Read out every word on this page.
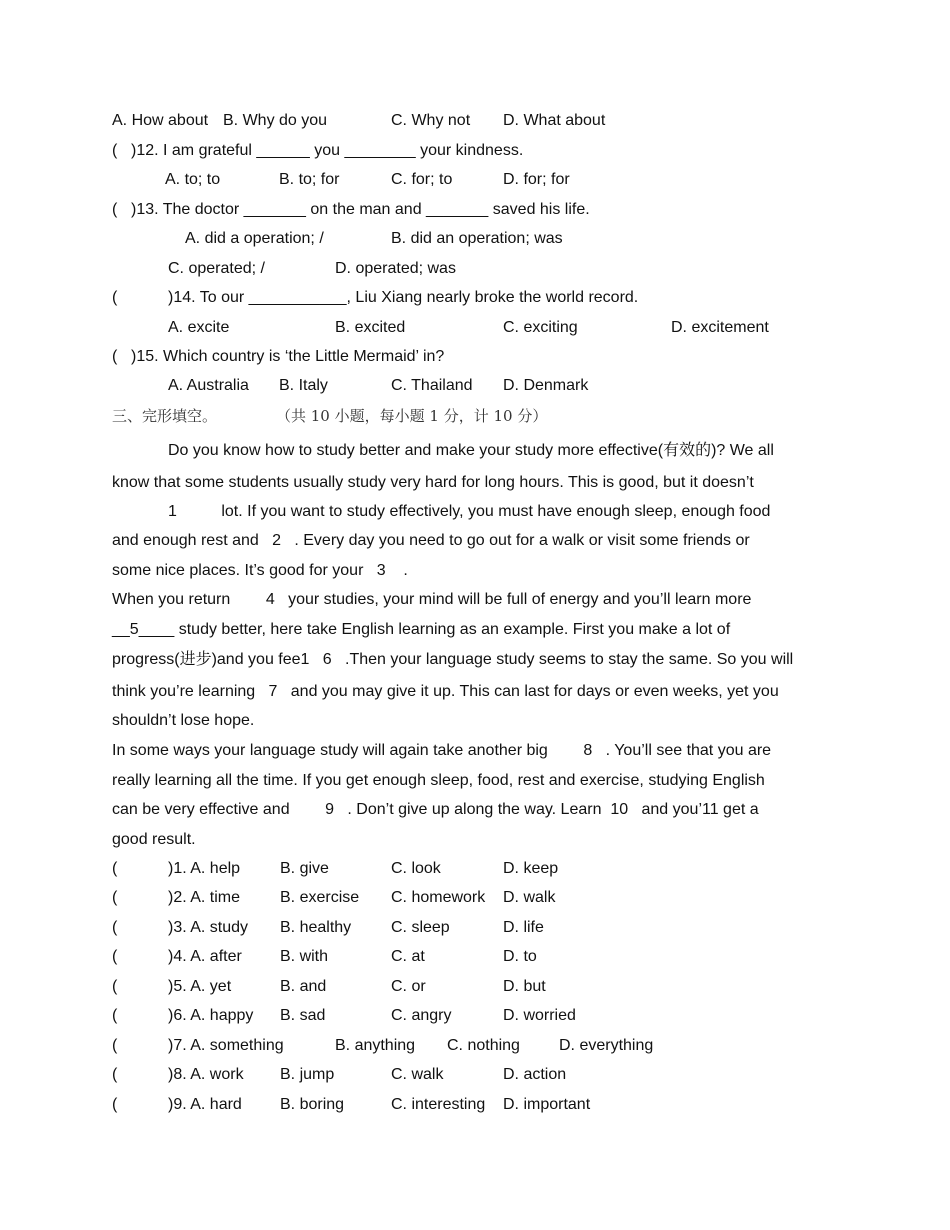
A. How about B. Why do you	C. Why not D. What about
( )12. I am grateful ______ you ________ your kindness.
A. to; to	B. to; for	C. for; to	D. for; for
( )13. The doctor _______ on the man and _______ saved his life.
A. did a operation; /	B. did an operation; was
C. operated; /	D. operated; was
(	)14. To our ___________, Liu Xiang nearly broke the world record.
A. excite	B. excited	C. exciting	D. excitement
( )15. Which country is ‘the Little Mermaid’ in?
A. Australia B. Italy	C. Thailand D. Denmark
三、完形填空。	（共 10 小题，每小题 1 分，计 10 分）
Do you know how to study better and make your study more effective(有效的)? We all
know that some students usually study very hard for long hours. This is good, but it doesn’t
1          lot. If you want to study effectively, you must have enough sleep, enough food
and enough rest and   2   . Every day you need to go out for a walk or visit some friends or
some nice places. It’s good for your   3    .
When you return        4   your studies, your mind will be full of energy and you’ll learn more
__5____ study better, here take English learning as an example. First you make a lot of
progress(进步)and you fee1   6   .Then your language study seems to stay the same. So you will
think you’re learning   7   and you may give it up. This can last for days or even weeks, yet you
shouldn’t lose hope.
In some ways your language study will again take another big        8   . You’ll see that you are
really learning all the time. If you get enough sleep, food, rest and exercise, studying English
can be very effective and        9   . Don’t give up along the way. Learn  10   and you’11 get a
good result.
(	)1. A. help B. give	C. look	D. keep
(	)2. A. time B. exercise C. homework D. walk
(	)3. A. study B. healthy C. sleep	D. life
(	)4. A. after B. with	C. at	D. to
(	)5. A. yet	B. and	C. or	D. but
(	)6. A. happy B. sad	C. angry	D. worried
(	)7. A. something	B. anything C. nothing D. everything
(	)8. A. work B. jump	C. walk	D. action
(	)9. A. hard B. boring	C. interesting D. important
